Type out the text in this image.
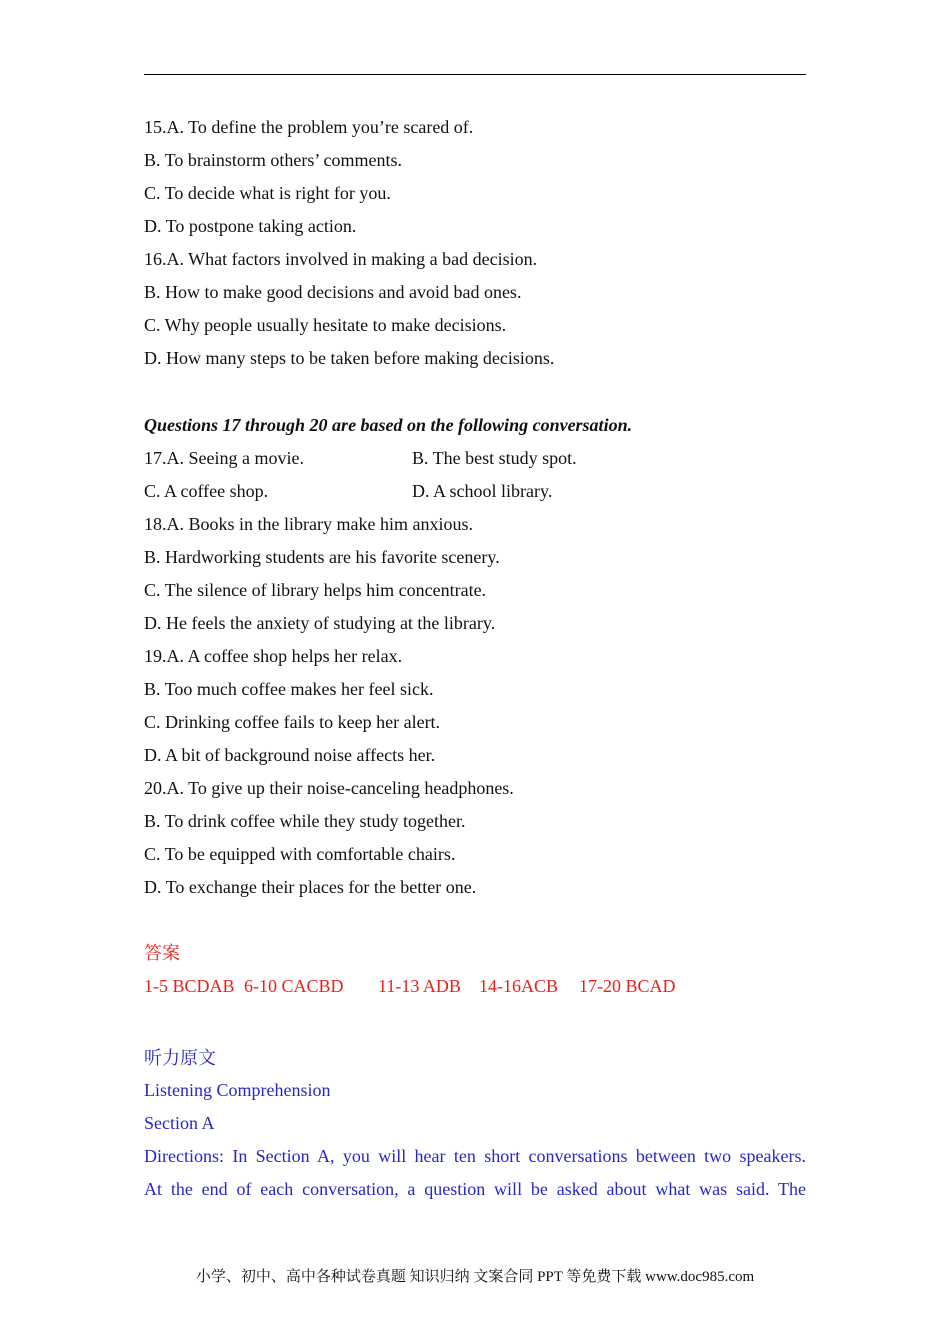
15.A. To define the problem you’re scared of.
B. To brainstorm others’ comments.
C. To decide what is right for you.
D. To postpone taking action.
16.A. What factors involved in making a bad decision.
B. How to make good decisions and avoid bad ones.
C. Why people usually hesitate to make decisions.
D. How many steps to be taken before making decisions.
Questions 17 through 20 are based on the following conversation.
17.A. Seeing a movie.	B. The best study spot.
C. A coffee shop.	D. A school library.
18.A. Books in the library make him anxious.
B. Hardworking students are his favorite scenery.
C. The silence of library helps him concentrate.
D. He feels the anxiety of studying at the library.
19.A. A coffee shop helps her relax.
B. Too much coffee makes her feel sick.
C. Drinking coffee fails to keep her alert.
D. A bit of background noise affects her.
20.A. To give up their noise-canceling headphones.
B. To drink coffee while they study together.
C. To be equipped with comfortable chairs.
D. To exchange their places for the better one.
答案
1-5 BCDAB 6-10 CACBD 11-13 ADB 14-16ACB 17-20 BCAD
听力原文
Listening Comprehension
Section A
Directions: In Section A, you will hear ten short conversations between two speakers.
At the end of each conversation, a question will be asked about what was said. The
小学、初中、高中各种试卷真题 知识归纳 文案合同 PPT 等免费下载 www.doc985.com
